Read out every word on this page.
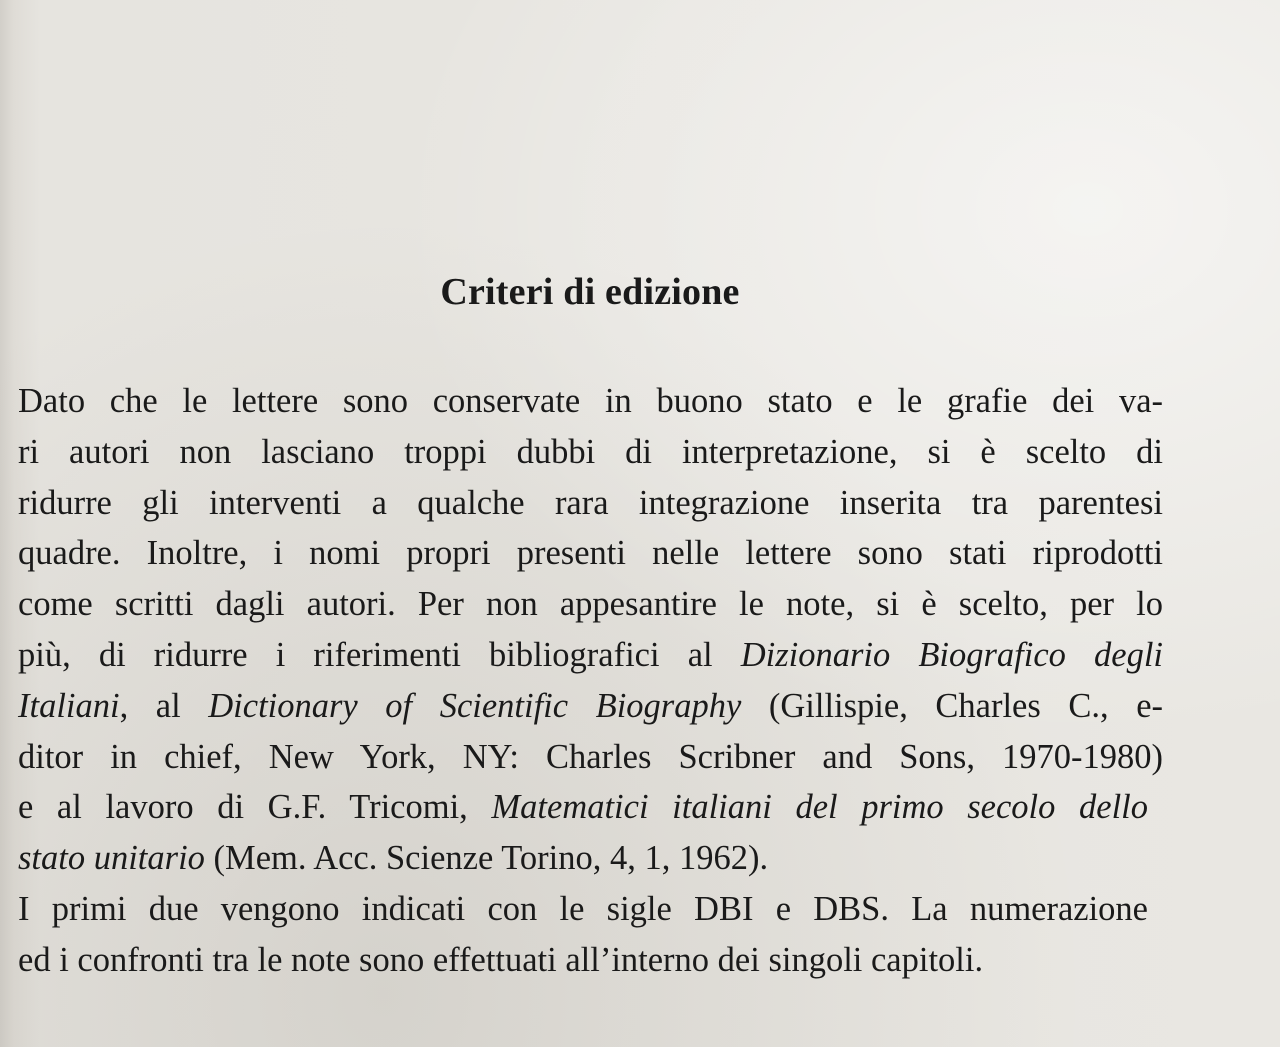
Criteri di edizione
Dato che le lettere sono conservate in buono stato e le grafie dei va-
ri autori non lasciano troppi dubbi di interpretazione, si è scelto di
ridurre gli interventi a qualche rara integrazione inserita tra parentesi
quadre. Inoltre, i nomi propri presenti nelle lettere sono stati riprodotti
come scritti dagli autori. Per non appesantire le note, si è scelto, per lo
più, di ridurre i riferimenti bibliografici al Dizionario Biografico degli
Italiani, al Dictionary of Scientific Biography (Gillispie, Charles C., e-
ditor in chief, New York, NY: Charles Scribner and Sons, 1970-1980)
e al lavoro di G.F. Tricomi, Matematici italiani del primo secolo dello
stato unitario (Mem. Acc. Scienze Torino, 4, 1, 1962).
I primi due vengono indicati con le sigle DBI e DBS. La numerazione
ed i confronti tra le note sono effettuati all’interno dei singoli capitoli.
